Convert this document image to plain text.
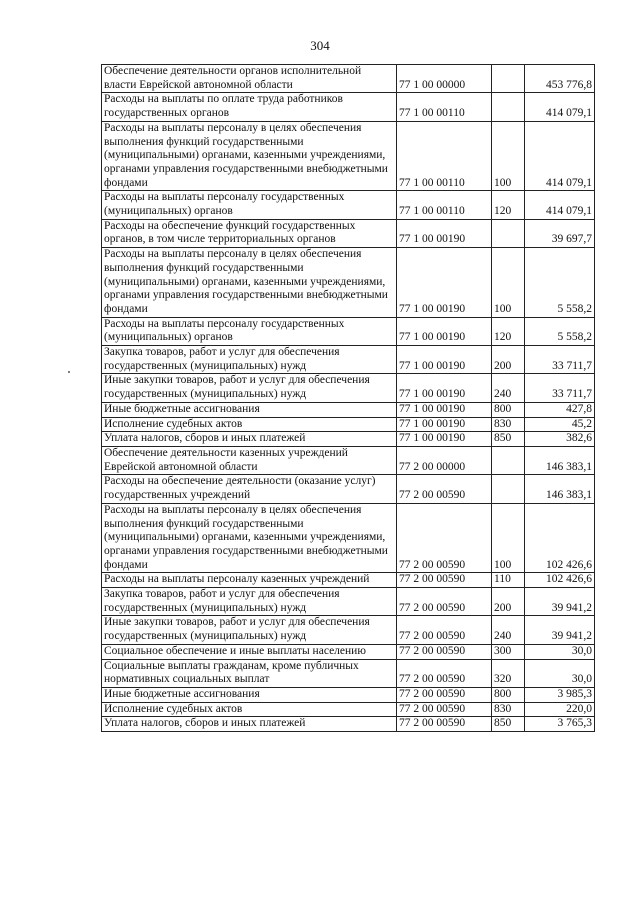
304
Обеспечение деятельности органов исполнительной власти Еврейской автономной области	77 1 00 00000		453 776,8
Расходы на выплаты по оплате труда работников государственных органов	77 1 00 00110		414 079,1
Расходы на выплаты персоналу в целях обеспечения выполнения функций государственными (муниципальными) органами, казенными учреждениями, органами управления государственными внебюджетными фондами	77 1 00 00110	100	414 079,1
Расходы на выплаты персоналу государственных (муниципальных) органов	77 1 00 00110	120	414 079,1
Расходы на обеспечение функций государственных органов, в том числе территориальных органов	77 1 00 00190		39 697,7
Расходы на выплаты персоналу в целях обеспечения выполнения функций государственными (муниципальными) органами, казенными учреждениями, органами управления государственными внебюджетными фондами	77 1 00 00190	100	5 558,2
Расходы на выплаты персоналу государственных (муниципальных) органов	77 1 00 00190	120	5 558,2
Закупка товаров, работ и услуг для обеспечения государственных (муниципальных) нужд	77 1 00 00190	200	33 711,7
Иные закупки товаров, работ и услуг для обеспечения государственных (муниципальных) нужд	77 1 00 00190	240	33 711,7
Иные бюджетные ассигнования	77 1 00 00190	800	427,8
Исполнение судебных актов	77 1 00 00190	830	45,2
Уплата налогов, сборов и иных платежей	77 1 00 00190	850	382,6
Обеспечение деятельности казенных учреждений Еврейской автономной области	77 2 00 00000		146 383,1
Расходы на обеспечение деятельности (оказание услуг) государственных учреждений	77 2 00 00590		146 383,1
Расходы на выплаты персоналу в целях обеспечения выполнения функций государственными (муниципальными) органами, казенными учреждениями, органами управления государственными внебюджетными фондами	77 2 00 00590	100	102 426,6
Расходы на выплаты персоналу казенных учреждений	77 2 00 00590	110	102 426,6
Закупка товаров, работ и услуг для обеспечения государственных (муниципальных) нужд	77 2 00 00590	200	39 941,2
Иные закупки товаров, работ и услуг для обеспечения государственных (муниципальных) нужд	77 2 00 00590	240	39 941,2
Социальное обеспечение и иные выплаты населению	77 2 00 00590	300	30,0
Социальные выплаты гражданам, кроме публичных нормативных социальных выплат	77 2 00 00590	320	30,0
Иные бюджетные ассигнования	77 2 00 00590	800	3 985,3
Исполнение судебных актов	77 2 00 00590	830	220,0
Уплата налогов, сборов и иных платежей	77 2 00 00590	850	3 765,3
